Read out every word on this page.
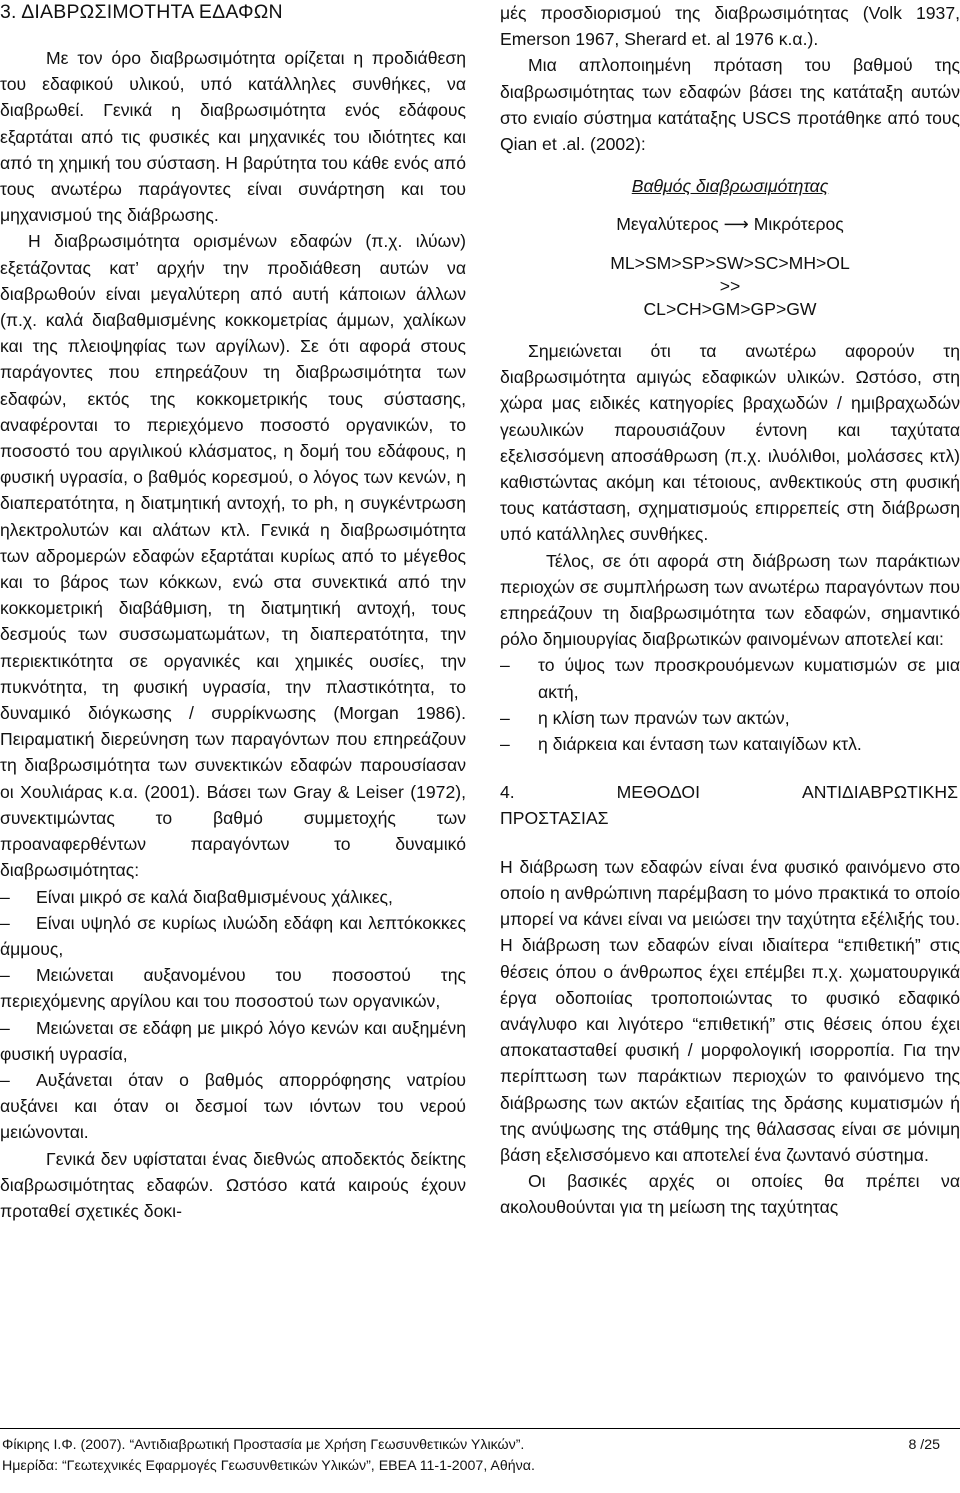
3. ΔΙΑΒΡΩΣΙΜΟΤΗΤΑ ΕΔΑΦΩΝ

Με τον όρο διαβρωσιμότητα ορίζεται η προδιάθεση του εδαφικού υλικού, υπό κατάλληλες συνθήκες, να διαβρωθεί. Γενικά η διαβρωσιμότητα ενός εδάφους εξαρτάται από τις φυσικές και μηχανικές του ιδιότητες και από τη χημική του σύσταση. Η βαρύτητα του κάθε ενός από τους ανωτέρω παράγοντες είναι συνάρτηση και του μηχανισμού της διάβρωσης.

Η διαβρωσιμότητα ορισμένων εδαφών (π.χ. ιλύων) εξετάζοντας κατ’ αρχήν την προδιάθεση αυτών να διαβρωθούν είναι μεγαλύτερη από αυτή κάποιων άλλων (π.χ. καλά διαβαθμισμένης κοκκομετρίας άμμων, χαλίκων και της πλειοψηφίας των αργίλων). Σε ότι αφορά στους παράγοντες που επηρεάζουν τη διαβρωσιμότητα των εδαφών, εκτός της κοκκομετρικής τους σύστασης, αναφέρονται το περιεχόμενο ποσοστό οργανικών, το ποσοστό του αργιλικού κλάσματος, η δομή του εδάφους, η φυσική υγρασία, ο βαθμός κορεσμού, ο λόγος των κενών, η διαπερατότητα, η διατμητική αντοχή, το ph, η συγκέντρωση ηλεκτρολυτών και αλάτων κτλ. Γενικά η διαβρωσιμότητα των αδρομερών εδαφών εξαρτάται κυρίως από το μέγεθος και το βάρος των κόκκων, ενώ στα συνεκτικά από την κοκκομετρική διαβάθμιση, τη διατμητική αντοχή, τους δεσμούς των συσσωματωμάτων, τη διαπερατότητα, την περιεκτικότητα σε οργανικές και χημικές ουσίες, την πυκνότητα, τη φυσική υγρασία, την πλαστικότητα, το δυναμικό διόγκωσης / συρρίκνωσης (Morgan 1986). Πειραματική διερεύνηση των παραγόντων που επηρεάζουν τη διαβρωσιμότητα των συνεκτικών εδαφών παρουσίασαν οι Χουλιάρας κ.α. (2001). Βάσει των Gray & Leiser (1972), συνεκτιμώντας το βαθμό συμμετοχής των προαναφερθέντων παραγόντων το δυναμικό διαβρωσιμότητας:

– Είναι μικρό σε καλά διαβαθμισμένους χάλικες,
– Είναι υψηλό σε κυρίως ιλυώδη εδάφη και λεπτόκοκκες άμμους,
– Μειώνεται αυξανομένου του ποσοστού της περιεχόμενης αργίλου και του ποσοστού των οργανικών,
– Μειώνεται σε εδάφη με μικρό λόγο κενών και αυξημένη φυσική υγρασία,
– Αυξάνεται όταν ο βαθμός απορρόφησης νατρίου αυξάνει και όταν οι δεσμοί των ιόντων του νερού μειώνονται.

Γενικά δεν υφίσταται ένας διεθνώς αποδεκτός δείκτης διαβρωσιμότητας εδαφών. Ωστόσο κατά καιρούς έχουν προταθεί σχετικές δοκι-

μές προσδιορισμού της διαβρωσιμότητας (Volk 1937, Emerson 1967, Sherard et. al 1976 κ.α.).

Μια απλοποιημένη πρόταση του βαθμού της διαβρωσιμότητας των εδαφών βάσει της κατάταξη αυτών στο ενιαίο σύστημα κατάταξης USCS προτάθηκε από τους Qian et .al. (2002):

Βαθμός διαβρωσιμότητας

Μεγαλύτερος ⟶ Μικρότερος

ML>SM>SP>SW>SC>MH>OL

>>

CL>CH>GM>GP>GW

Σημειώνεται ότι τα ανωτέρω αφορούν τη διαβρωσιμότητα αμιγώς εδαφικών υλικών. Ωστόσο, στη χώρα μας ειδικές κατηγορίες βραχωδών / ημιβραχωδών γεωυλικών παρουσιάζουν έντονη και ταχύτατα εξελισσόμενη αποσάθρωση (π.χ. ιλυόλιθοι, μολάσσες κτλ) καθιστώντας ακόμη και τέτοιους, ανθεκτικούς στη φυσική τους κατάσταση, σχηματισμούς επιρρεπείς στη διάβρωση υπό κατάλληλες συνθήκες.

Τέλος, σε ότι αφορά στη διάβρωση των παράκτιων περιοχών σε συμπλήρωση των ανωτέρω παραγόντων που επηρεάζουν τη διαβρωσιμότητα των εδαφών, σημαντικό ρόλο δημιουργίας διαβρωτικών φαινομένων αποτελεί και:

–	το ύψος των προσκρουόμενων κυματισμών σε μια ακτή,
–	η κλίση των πρανών των ακτών,
–	η διάρκεια και ένταση των καταιγίδων κτλ.
4.	ΜΕΘΟΔΟΙ	ΑΝΤΙΔΙΑΒΡΩΤΙΚΗΣ
ΠΡΟΣΤΑΣΙΑΣ

Η διάβρωση των εδαφών είναι ένα φυσικό φαινόμενο στο οποίο η ανθρώπινη παρέμβαση το μόνο πρακτικά το οποίο μπορεί να κάνει είναι να μειώσει την ταχύτητα εξέλιξής του. Η διάβρωση των εδαφών είναι ιδιαίτερα “επιθετική” στις θέσεις όπου ο άνθρωπος έχει επέμβει π.χ. χωματουργικά έργα οδοποιίας τροποποιώντας το φυσικό εδαφικό ανάγλυφο και λιγότερο “επιθετική” στις θέσεις όπου έχει αποκατασταθεί φυσική / μορφολογική ισορροπία. Για την περίπτωση των παράκτιων περιοχών το φαινόμενο της διάβρωσης των ακτών εξαιτίας της δράσης κυματισμών ή της ανύψωσης της στάθμης της θάλασσας είναι σε μόνιμη βάση εξελισσόμενο και αποτελεί ένα ζωντανό σύστημα.

Οι βασικές αρχές οι οποίες θα πρέπει να ακολουθούνται για τη μείωση της ταχύτητας

Φίκιρης Ι.Φ. (2007). “Αντιδιαβρωτική Προστασία με Χρήση Γεωσυνθετικών Υλικών”.	8 /25
Ημερίδα: “Γεωτεχνικές Εφαρμογές Γεωσυνθετικών Υλικών”, ΕΒΕΑ 11-1-2007, Αθήνα.
